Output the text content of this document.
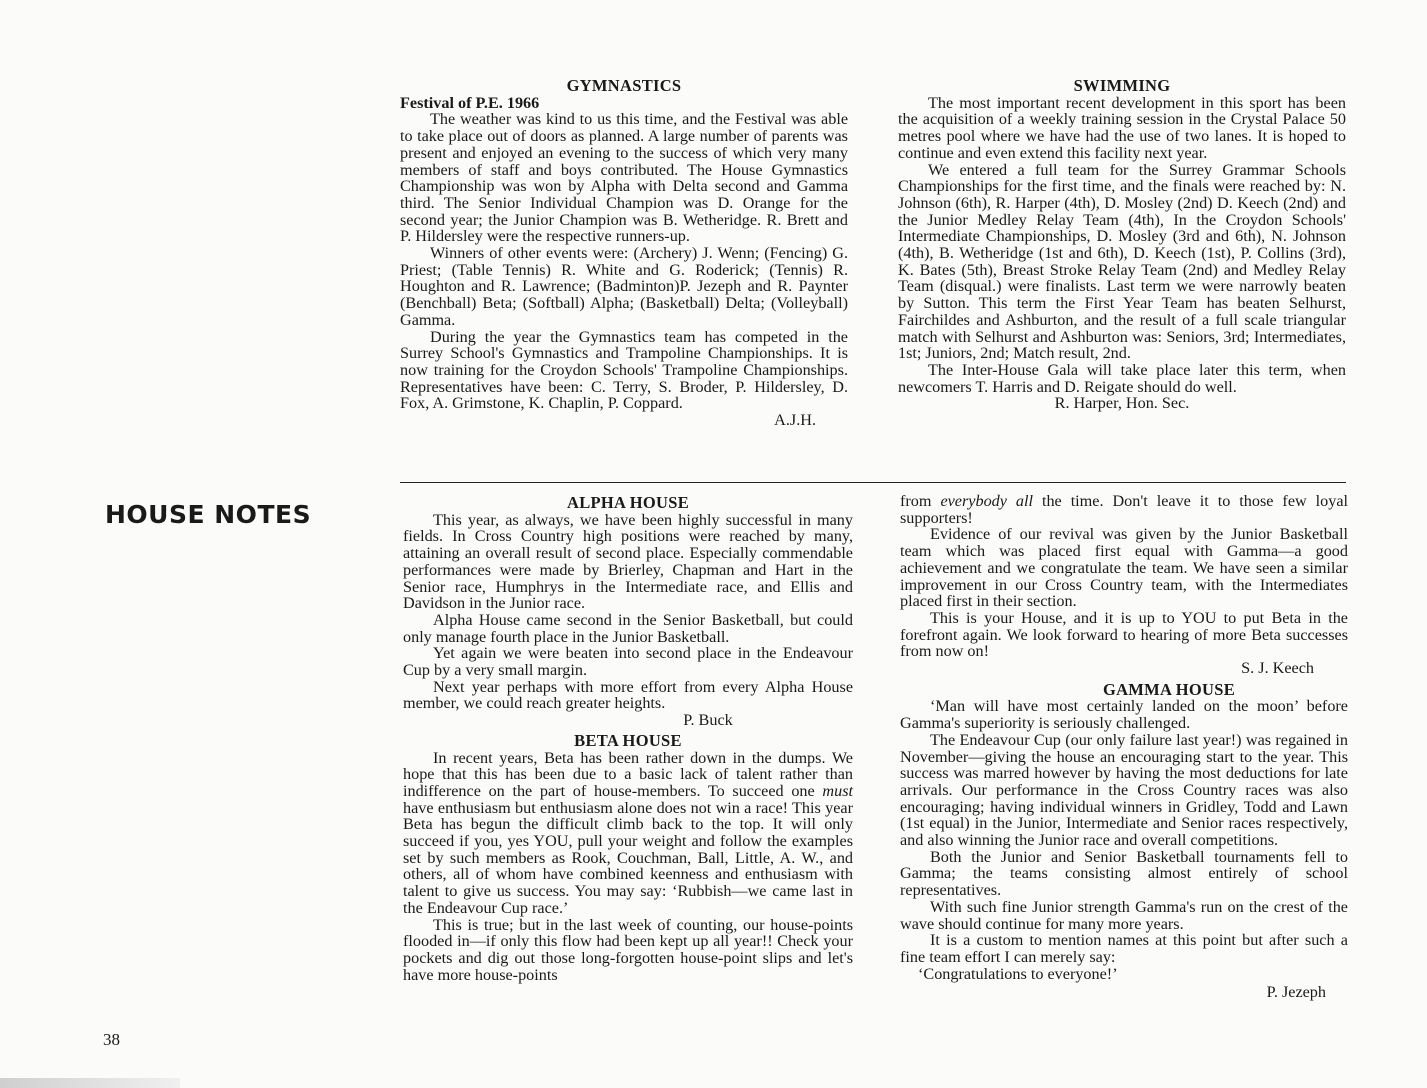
HOUSE NOTES
GYMNASTICS
Festival of P.E. 1966

The weather was kind to us this time, and the Festival was able to take place out of doors as planned. A large number of parents was present and enjoyed an evening to the success of which very many members of staff and boys contributed. The House Gymnastics Championship was won by Alpha with Delta second and Gamma third. The Senior Individual Champion was D. Orange for the second year; the Junior Champion was B. Wetheridge. R. Brett and P. Hildersley were the respective runners-up.

Winners of other events were: (Archery) J. Wenn; (Fencing) G. Priest; (Table Tennis) R. White and G. Roderick; (Tennis) R. Houghton and R. Lawrence; (Badminton)P. Jezeph and R. Paynter (Benchball) Beta; (Softball) Alpha; (Basketball) Delta; (Volleyball) Gamma.

During the year the Gymnastics team has competed in the Surrey School's Gymnastics and Trampoline Championships. It is now training for the Croydon Schools' Trampoline Championships. Representatives have been: C. Terry, S. Broder, P. Hildersley, D. Fox, A. Grimstone, K. Chaplin, P. Coppard.

A.J.H.
SWIMMING

The most important recent development in this sport has been the acquisition of a weekly training session in the Crystal Palace 50 metres pool where we have had the use of two lanes. It is hoped to continue and even extend this facility next year.

We entered a full team for the Surrey Grammar Schools Championships for the first time, and the finals were reached by: N. Johnson (6th), R. Harper (4th), D. Mosley (2nd) D. Keech (2nd) and the Junior Medley Relay Team (4th), In the Croydon Schools' Intermediate Championships, D. Mosley (3rd and 6th), N. Johnson (4th), B. Wetheridge (1st and 6th), D. Keech (1st), P. Collins (3rd), K. Bates (5th), Breast Stroke Relay Team (2nd) and Medley Relay Team (disqual.) were finalists. Last term we were narrowly beaten by Sutton. This term the First Year Team has beaten Selhurst, Fairchildes and Ashburton, and the result of a full scale triangular match with Selhurst and Ashburton was: Seniors, 3rd; Intermediates, 1st; Juniors, 2nd; Match result, 2nd.

The Inter-House Gala will take place later this term, when newcomers T. Harris and D. Reigate should do well.

R. Harper, Hon. Sec.
ALPHA HOUSE

This year, as always, we have been highly successful in many fields. In Cross Country high positions were reached by many, attaining an overall result of second place. Especially commendable performances were made by Brierley, Chapman and Hart in the Senior race, Humphrys in the Intermediate race, and Ellis and Davidson in the Junior race.

Alpha House came second in the Senior Basketball, but could only manage fourth place in the Junior Basketball.

Yet again we were beaten into second place in the Endeavour Cup by a very small margin.

Next year perhaps with more effort from every Alpha House member, we could reach greater heights.

P. Buck
BETA HOUSE

In recent years, Beta has been rather down in the dumps. We hope that this has been due to a basic lack of talent rather than indifference on the part of house-members. To succeed one must have enthusiasm but enthusiasm alone does not win a race! This year Beta has begun the difficult climb back to the top. It will only succeed if you, yes YOU, pull your weight and follow the examples set by such members as Rook, Couchman, Ball, Little, A. W., and others, all of whom have combined keenness and enthusiasm with talent to give us success. You may say: ‘Rubbish—we came last in the Endeavour Cup race.’

This is true; but in the last week of counting, our house-points flooded in—if only this flow had been kept up all year!! Check your pockets and dig out those long-forgotten house-point slips and let's have more house-points

from everybody all the time. Don't leave it to those few loyal supporters!

Evidence of our revival was given by the Junior Basketball team which was placed first equal with Gamma—a good achievement and we congratulate the team. We have seen a similar improvement in our Cross Country team, with the Intermediates placed first in their section.

This is your House, and it is up to YOU to put Beta in the forefront again. We look forward to hearing of more Beta successes from now on!

S. J. Keech
GAMMA HOUSE

‘Man will have most certainly landed on the moon’ before Gamma's superiority is seriously challenged.

The Endeavour Cup (our only failure last year!) was regained in November—giving the house an encouraging start to the year. This success was marred however by having the most deductions for late arrivals. Our performance in the Cross Country races was also encouraging; having individual winners in Gridley, Todd and Lawn (1st equal) in the Junior, Intermediate and Senior races respectively, and also winning the Junior race and overall competitions.

Both the Junior and Senior Basketball tournaments fell to Gamma; the teams consisting almost entirely of school representatives.

With such fine Junior strength Gamma's run on the crest of the wave should continue for many more years.

It is a custom to mention names at this point but after such a fine team effort I can merely say:

‘Congratulations to everyone!’

P. Jezeph
38
